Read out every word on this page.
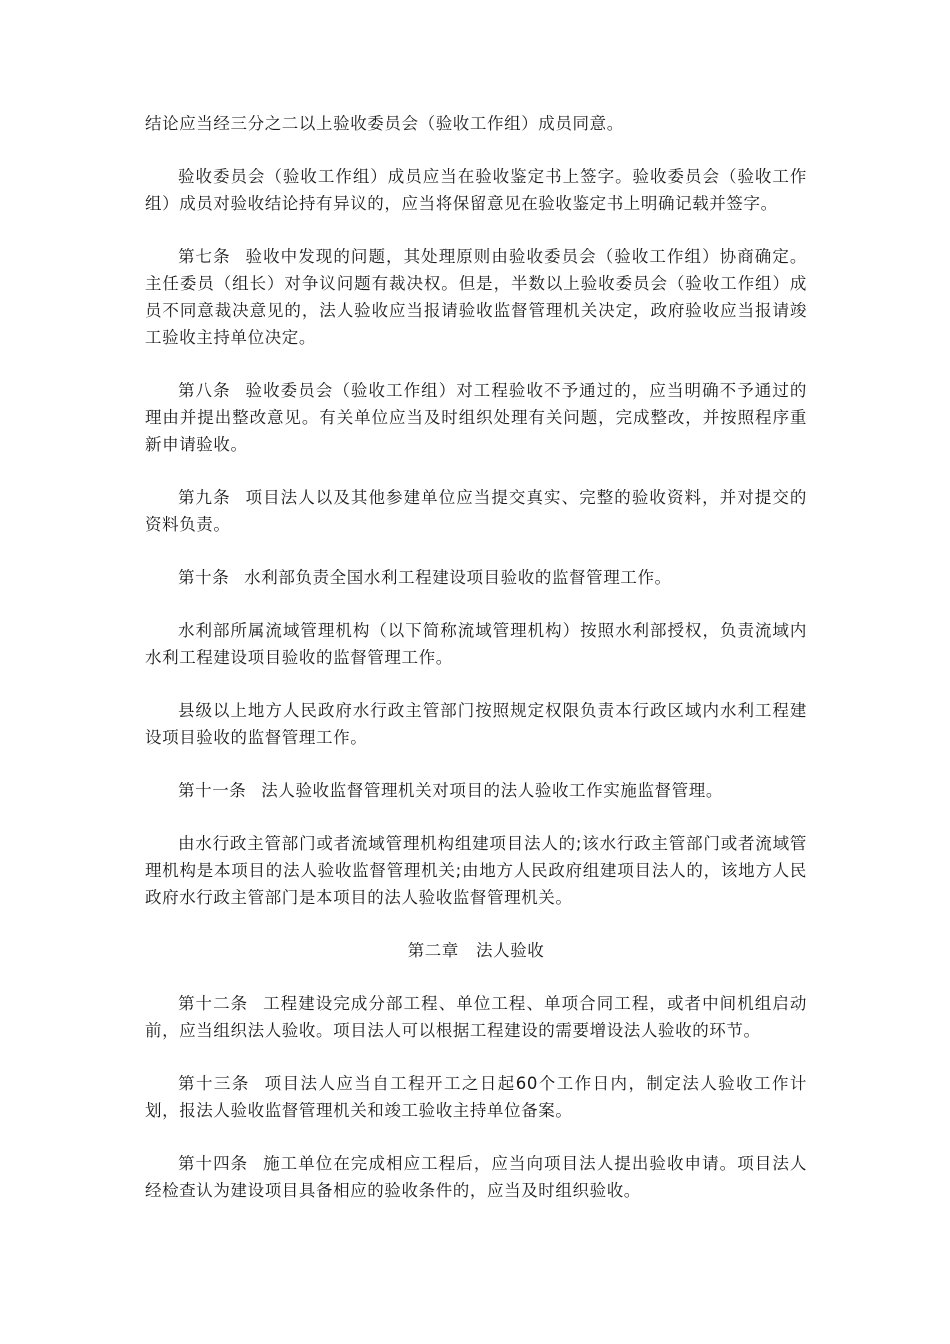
结论应当经三分之二以上验收委员会（验收工作组）成员同意。

验收委员会（验收工作组）成员应当在验收鉴定书上签字。验收委员会（验收工作组）成员对验收结论持有异议的，应当将保留意见在验收鉴定书上明确记载并签字。

第七条 验收中发现的问题，其处理原则由验收委员会（验收工作组）协商确定。主任委员（组长）对争议问题有裁决权。但是，半数以上验收委员会（验收工作组）成员不同意裁决意见的，法人验收应当报请验收监督管理机关决定，政府验收应当报请竣工验收主持单位决定。

第八条 验收委员会（验收工作组）对工程验收不予通过的，应当明确不予通过的理由并提出整改意见。有关单位应当及时组织处理有关问题，完成整改，并按照程序重新申请验收。

第九条 项目法人以及其他参建单位应当提交真实、完整的验收资料，并对提交的资料负责。

第十条 水利部负责全国水利工程建设项目验收的监督管理工作。

水利部所属流域管理机构（以下简称流域管理机构）按照水利部授权，负责流域内水利工程建设项目验收的监督管理工作。

县级以上地方人民政府水行政主管部门按照规定权限负责本行政区域内水利工程建设项目验收的监督管理工作。

第十一条 法人验收监督管理机关对项目的法人验收工作实施监督管理。

由水行政主管部门或者流域管理机构组建项目法人的;该水行政主管部门或者流域管理机构是本项目的法人验收监督管理机关;由地方人民政府组建项目法人的，该地方人民政府水行政主管部门是本项目的法人验收监督管理机关。

第二章　法人验收

第十二条 工程建设完成分部工程、单位工程、单项合同工程，或者中间机组启动前，应当组织法人验收。项目法人可以根据工程建设的需要增设法人验收的环节。

第十三条 项目法人应当自工程开工之日起60个工作日内，制定法人验收工作计划，报法人验收监督管理机关和竣工验收主持单位备案。

第十四条 施工单位在完成相应工程后，应当向项目法人提出验收申请。项目法人经检查认为建设项目具备相应的验收条件的，应当及时组织验收。
